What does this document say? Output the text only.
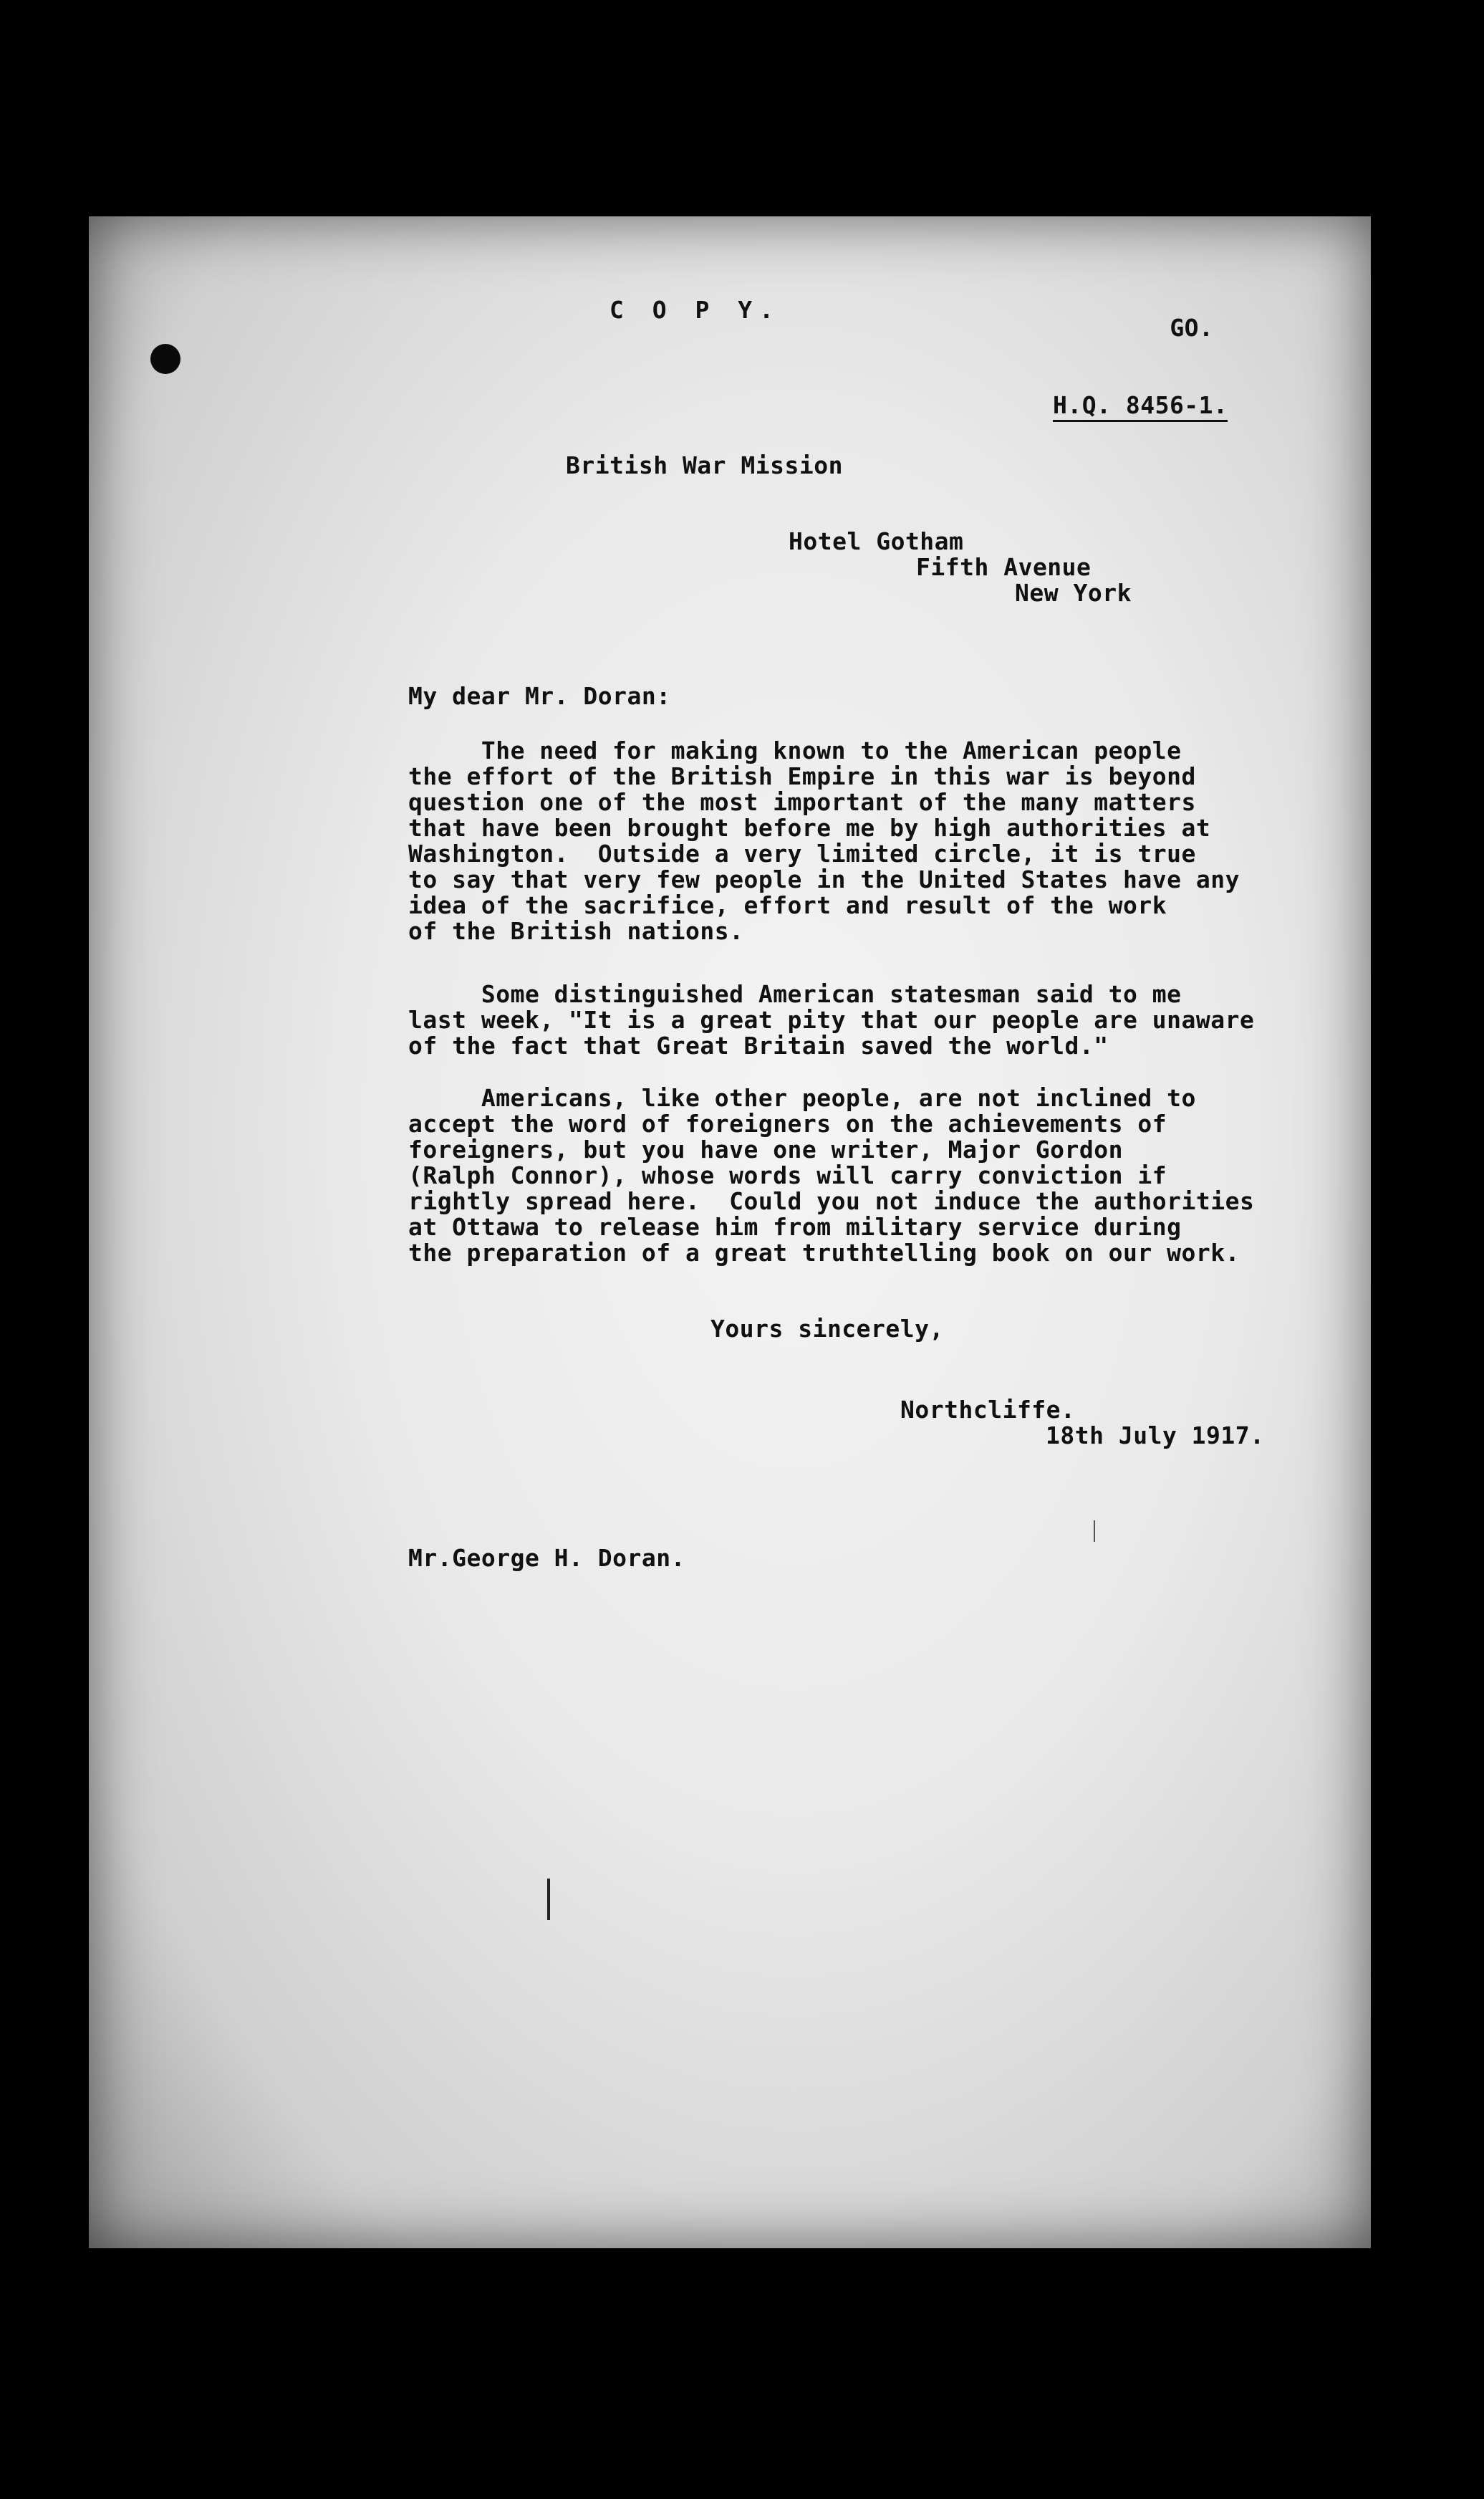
C O P Y.

GO.

H.Q. 8456-1.

British War Mission

Hotel Gotham

Fifth Avenue

New York

My dear Mr. Doran:

The need for making known to the American people
the effort of the British Empire in this war is beyond
question one of the most important of the many matters
that have been brought before me by high authorities at
Washington.  Outside a very limited circle, it is true
to say that very few people in the United States have any
idea of the sacrifice, effort and result of the work
of the British nations.
Some distinguished American statesman said to me
last week, "It is a great pity that our people are unaware
of the fact that Great Britain saved the world."
Americans, like other people, are not inclined to
accept the word of foreigners on the achievements of
foreigners, but you have one writer, Major Gordon
(Ralph Connor), whose words will carry conviction if
rightly spread here.  Could you not induce the authorities
at Ottawa to release him from military service during
the preparation of a great truthtelling book on our work.

Yours sincerely,

Northcliffe.

18th July 1917.

Mr.George H. Doran.
